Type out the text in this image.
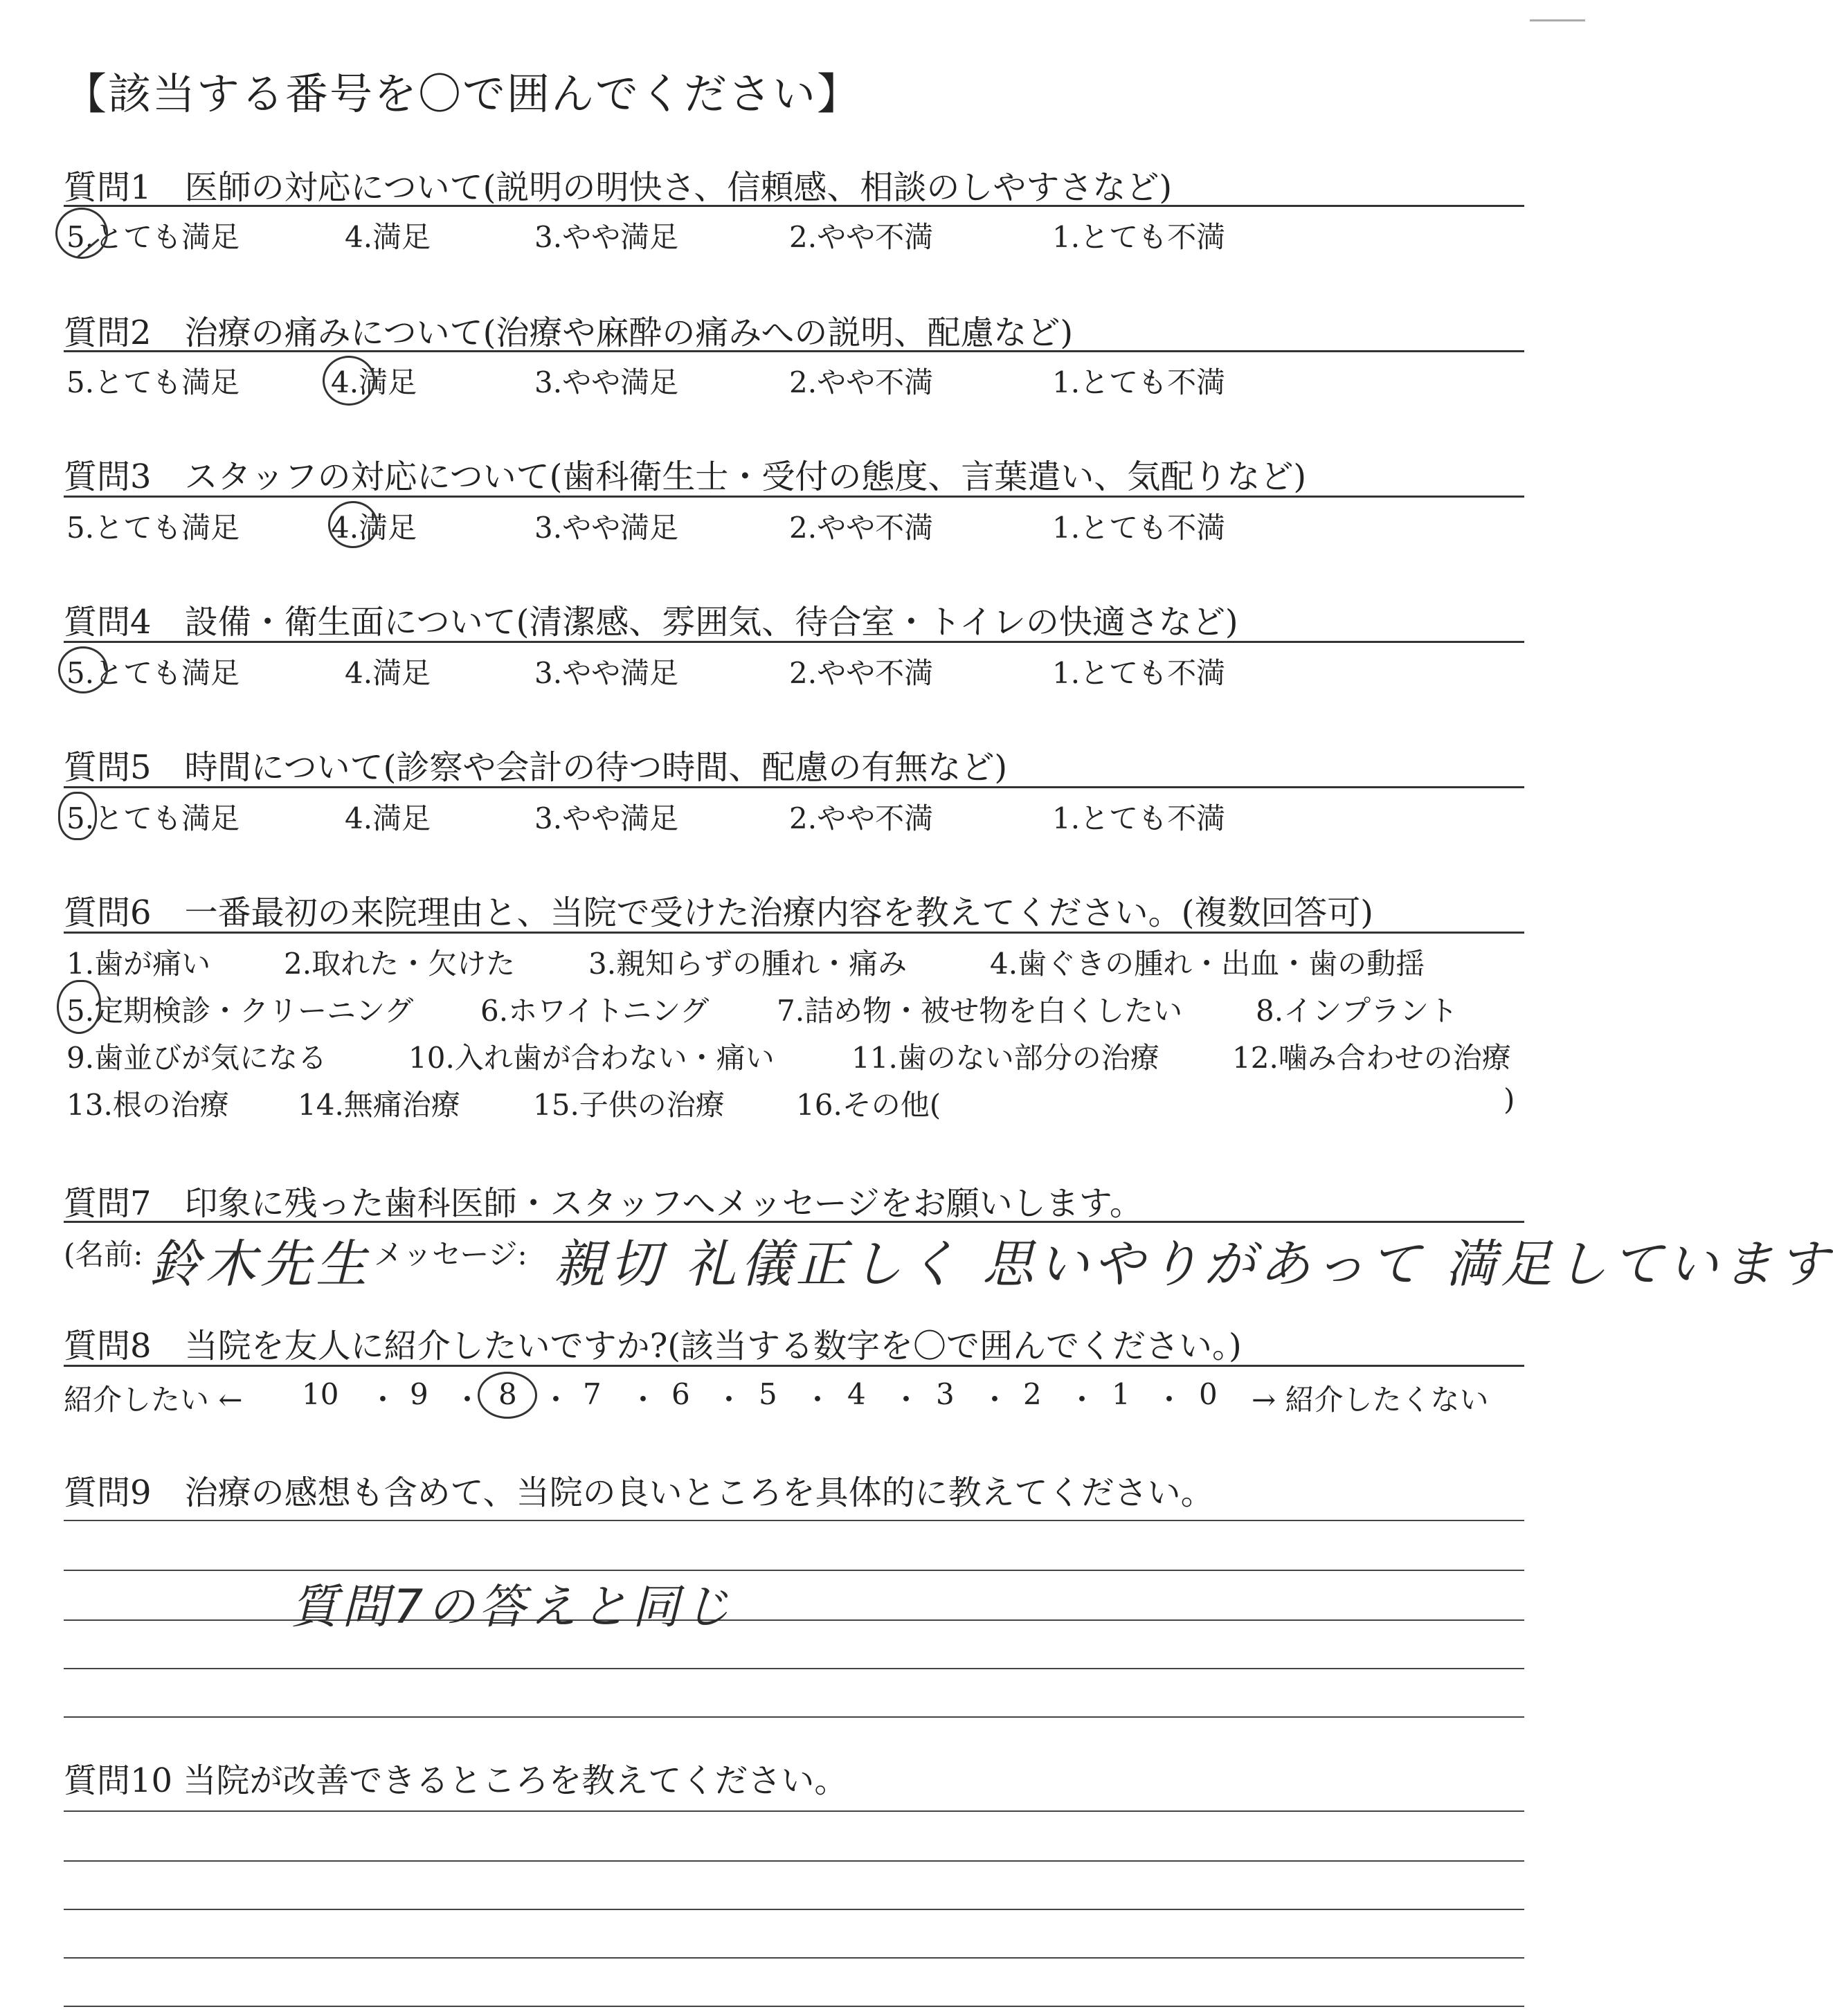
【該当する番号を〇で囲んでください】
質問1　 医師の対応について(説明の明快さ、信頼感、相談のしやすさなど)
5.とても満足	4.満足	3.やや満足	2.やや不満	1.とても不満
質問2　 治療の痛みについて(治療や麻酔の痛みへの説明、配慮など)
5.とても満足	4.満足	3.やや満足	2.やや不満	1.とても不満
質問3　 スタッフの対応について(歯科衛生士・受付の態度、言葉遣い、気配りなど)
5.とても満足	4.満足	3.やや満足	2.やや不満	1.とても不満
質問4　 設備・衛生面について(清潔感、雰囲気、待合室・トイレの快適さなど)
5.とても満足	4.満足	3.やや満足	2.やや不満	1.とても不満
質問5　 時間について(診察や会計の待つ時間、配慮の有無など)
5.とても満足	4.満足	3.やや満足	2.やや不満	1.とても不満
質問6　 一番最初の来院理由と、当院で受けた治療内容を教えてください。(複数回答可)
1.歯が痛い	2.取れた・欠けた	3.親知らずの腫れ・痛み	4.歯ぐきの腫れ・出血・歯の動揺
5.定期検診・クリーニング 6.ホワイトニング 7.詰め物・被せ物を白くしたい	8.インプラント
9.歯並びが気になる	10.入れ歯が合わない・痛い	11.歯のない部分の治療	12.噛み合わせの治療
13.根の治療 14.無痛治療	15.子供の治療 16.その他(	)
質問7　 印象に残った歯科医師・スタッフへメッセージをお願いします。
(名前: 鈴木先生 メッセージ: 親切 礼儀正しく 思いやりがあって 満足しています
質問8　 当院を友人に紹介したいですか?(該当する数字を〇で囲んでください。)
紹介したい ← 10 ・ 9 ・ 8 ・ 7 ・ 6 ・ 5 ・ 4 ・ 3 ・ 2 ・ 1 ・ 0 → 紹介したくない
質問9　 治療の感想も含めて、当院の良いところを具体的に教えてください。
質問7の答えと同じ
質問10 当院が改善できるところを教えてください。
